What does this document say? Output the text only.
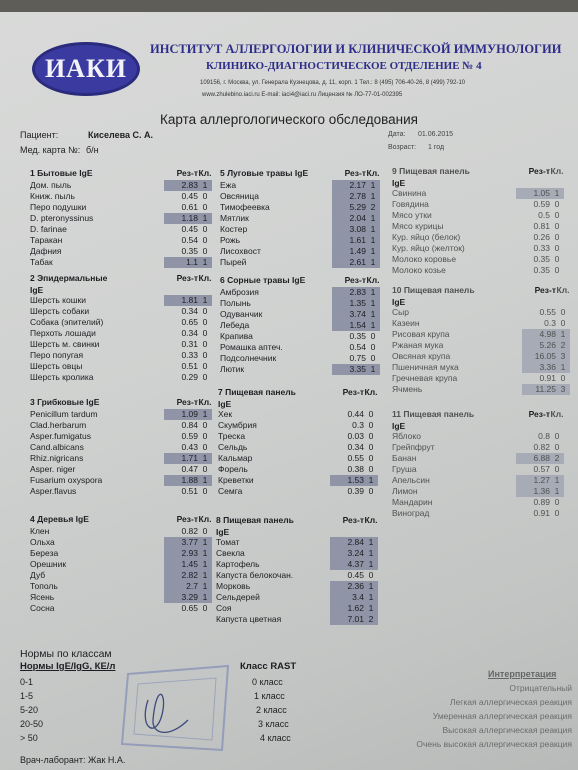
ИАКИ
ИНСТИТУТ АЛЛЕРГОЛОГИИ И КЛИНИЧЕСКОЙ ИММУНОЛОГИИ
КЛИНИКО-ДИАГНОСТИЧЕСКОЕ ОТДЕЛЕНИЕ № 4
109156, г. Москва, ул. Генерала Кузнецова, д. 11, корп. 1 Тел.: 8 (495) 706-40-26, 8 (499) 792-10
www.zhulebino.iaci.ru E-mail: iaci4@iaci.ru Лицензия № ЛО-77-01-002395
Карта аллергологического обследования
Пациент:	Киселева С. А.
Мед. карта №: б/н
Дата: 01.06.2015
Возраст: 1 год
1 Бытовые IgE	Рез-т Кл.
Дом. пыль	2.83 1
Книж. пыль	0.45 0
Перо подушки	0.61 0
D. pteronyssinus	1.18 1
D. farinae	0.45 0
Таракан	0.54 0
Дафния	0.35 0
Табак	1.1 1
2 Эпидермальные	Рез-т Кл.
IgE
Шерсть кошки	1.81 1
Шерсть собаки	0.34 0
Собака (эпителий)	0.65 0
Перхоть лошади	0.34 0
Шерсть м. свинки	0.31 0
Перо попугая	0.33 0
Шерсть овцы	0.51 0
Шерсть кролика	0.29 0
3 Грибковые IgE	Рез-т Кл.
Penicillum tardum	1.09 1
Clad.herbarum	0.84 0
Asper.fumigatus	0.59 0
Cand.albicans	0.43 0
Rhiz.nigricans	1.71 1
Asper. niger	0.47 0
Fusarium oxyspora	1.88 1
Asper.flavus	0.51 0
4 Деревья IgE	Рез-т Кл.
Клен	0.82 0
Ольха	3.77 1
Береза	2.93 1
Орешник	1.45 1
Дуб	2.82 1
Тополь	2.7 1
Ясень	3.29 1
Сосна	0.65 0
5 Луговые травы IgE	Рез-т Кл.
Ежа	2.17 1
Овсяница	2.78 1
Тимофеевка	5.29 2
Мятлик	2.04 1
Костер	3.08 1
Рожь	1.61 1
Лисохвост	1.49 1
Пырей	2.61 1
6 Сорные травы IgE	Рез-т Кл.
Амброзия	2.83 1
Полынь	1.35 1
Одуванчик	3.74 1
Лебеда	1.54 1
Крапива	0.35 0
Ромашка аптеч.	0.54 0
Подсолнечник	0.75 0
Лютик	3.35 1
7 Пищевая панель	Рез-т Кл.
IgE
Хек	0.44 0
Скумбрия	0.3 0
Треска	0.03 0
Сельдь	0.34 0
Кальмар	0.55 0
Форель	0.38 0
Креветки	1.53 1
Семга	0.39 0
8 Пищевая панель	Рез-т Кл.
IgE
Томат	2.84 1
Свекла	3.24 1
Картофель	4.37 1
Капуста белокочан.	0.45 0
Морковь	2.36 1
Сельдерей	3.4 1
Соя	1.62 1
Капуста цветная	7.01 2
9 Пищевая панель	Рез-т Кл.
IgE
Свинина	1.05 1
Говядина	0.59 0
Мясо утки	0.5 0
Мясо курицы	0.81 0
Кур. яйцо (белок)	0.26 0
Кур. яйцо (желток)	0.33 0
Молоко коровье	0.35 0
Молоко козье	0.35 0
10 Пищевая панель	Рез-т Кл.
IgE
Сыр	0.55 0
Казеин	0.3 0
Рисовая крупа	4.98 1
Ржаная мука	5.26 2
Овсяная крупа	16.05 3
Пшеничная мука	3.36 1
Гречневая крупа	0.91 0
Ячмень	11.25 3
11 Пищевая панель	Рез-т Кл.
IgE
Яблоко	0.8 0
Грейпфрут	0.82 0
Банан	6.88 2
Груша	0.57 0
Апельсин	1.27 1
Лимон	1.36 1
Мандарин	0.89 0
Виноград	0.91 0
Нормы по классам
Нормы IgE/IgG, КЕ/л	Класс RAST
Интерпретация
0-1	0 класс
Отрицательный
1-5	1 класс
Легкая аллергическая реакция
5-20	2 класс
Умеренная аллергическая реакция
20-50	3 класс
Высокая аллергическая реакция
> 50	4 класс
Очень высокая аллергическая реакция
Врач-лаборант: Жак Н.А.
